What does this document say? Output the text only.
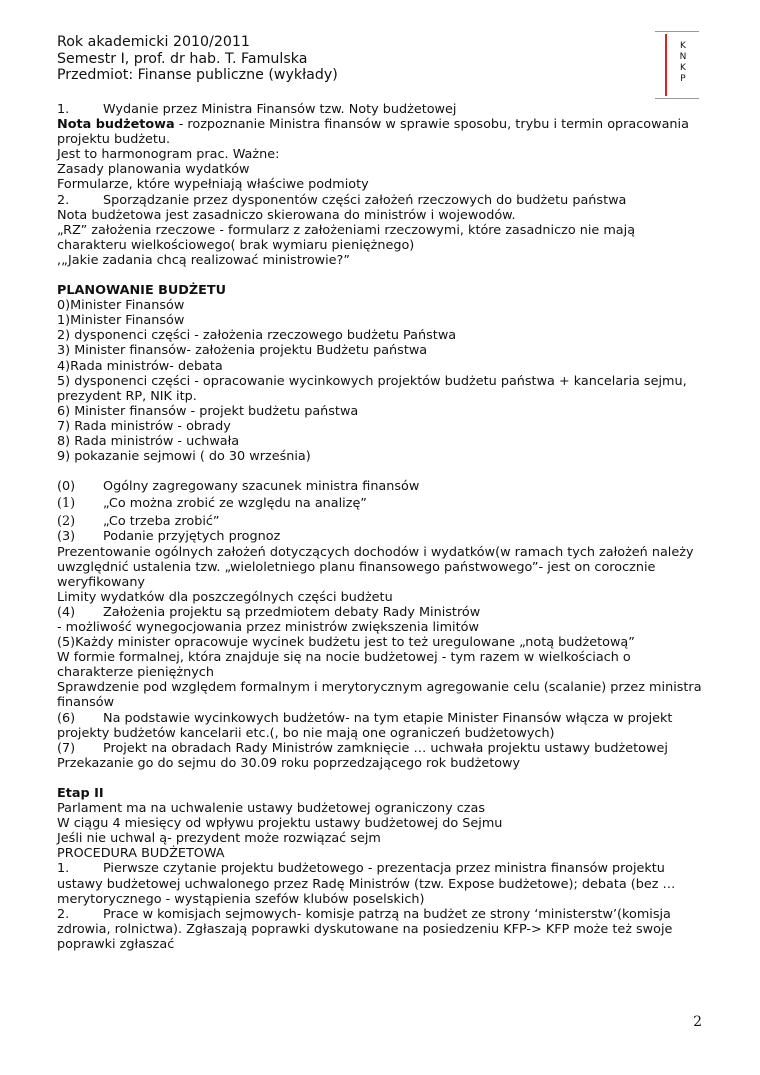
Rok akademicki 2010/2011
Semestr I, prof. dr hab. T. Famulska
Przedmiot: Finanse publiczne (wykłady)
K
N
K
P

1.	Wydanie przez Ministra Finansów tzw. Noty budżetowej

Nota budżetowa - rozpoznanie Ministra finansów w sprawie sposobu, trybu i termin opracowania projektu budżetu.

Jest to harmonogram prac. Ważne:

Zasady planowania wydatków

Formularze, które wypełniają właściwe podmioty

2.	Sporządzanie przez dysponentów części założeń rzeczowych do budżetu państwa

Nota budżetowa jest zasadniczo skierowana do ministrów i wojewodów.

„RZ” założenia rzeczowe - formularz z założeniami rzeczowymi, które zasadniczo nie mają charakteru wielkościowego( brak wymiaru pieniężnego)

,„Jakie zadania chcą realizować ministrowie?”

PLANOWANIE BUDŻETU

0)Minister Finansów

1)Minister Finansów

2) dysponenci części - założenia rzeczowego budżetu Państwa

3) Minister finansów- założenia projektu Budżetu państwa

4)Rada ministrów- debata

5) dysponenci części - opracowanie wycinkowych projektów budżetu państwa + kancelaria sejmu, prezydent RP, NIK itp.

6) Minister finansów - projekt budżetu państwa

7) Rada ministrów - obrady

8) Rada ministrów - uchwała

9) pokazanie sejmowi ( do 30 września)

(0) Ogólny zagregowany szacunek ministra finansów

(1) „Co można zrobić ze względu na analizę”

(2) „Co trzeba zrobić”

(3) Podanie przyjętych prognoz

Prezentowanie ogólnych założeń dotyczących dochodów i wydatków(w ramach tych założeń należy uwzględnić ustalenia tzw. „wieloletniego planu finansowego państwowego”- jest on corocznie weryfikowany

Limity wydatków dla poszczególnych części budżetu

(4) Założenia projektu są przedmiotem debaty Rady Ministrów

- możliwość wynegocjowania przez ministrów zwiększenia limitów

(5)Każdy minister opracowuje wycinek budżetu jest to też uregulowane „notą budżetową”

W formie formalnej, która znajduje się na nocie budżetowej - tym razem w wielkościach o charakterze pieniężnych

Sprawdzenie pod względem formalnym i merytorycznym agregowanie celu (scalanie) przez ministra finansów

(6) Na podstawie wycinkowych budżetów- na tym etapie Minister Finansów włącza w projekt projekty budżetów kancelarii etc.(, bo nie mają one ograniczeń budżetowych)

(7) Projekt na obradach Rady Ministrów zamknięcie … uchwała projektu ustawy budżetowej

Przekazanie go do sejmu do 30.09 roku poprzedzającego rok budżetowy

Etap II

Parlament ma na uchwalenie ustawy budżetowej ograniczony czas

W ciągu 4 miesięcy od wpływu projektu ustawy budżetowej do Sejmu

Jeśli nie uchwal ą- prezydent może rozwiązać sejm

PROCEDURA BUDŻETOWA

1.	Pierwsze czytanie projektu budżetowego - prezentacja przez ministra finansów projektu ustawy budżetowej uchwalonego przez Radę Ministrów (tzw. Expose budżetowe); debata (bez … merytorycznego - wystąpienia szefów klubów poselskich)

2.	Prace w komisjach sejmowych- komisje patrzą na budżet ze strony ‘ministerstw’(komisja zdrowia, rolnictwa). Zgłaszają poprawki dyskutowane na posiedzeniu KFP-> KFP może też swoje poprawki zgłaszać

2
